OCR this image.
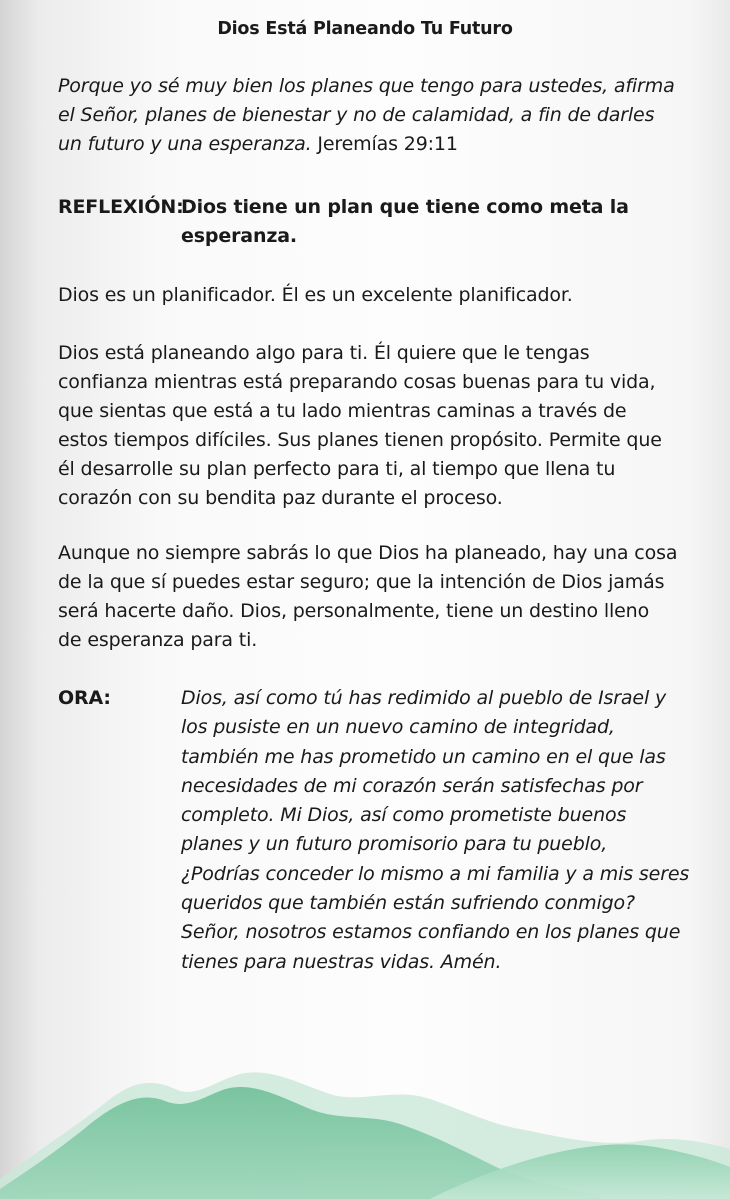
Dios Está Planeando Tu Futuro
Porque yo sé muy bien los planes que tengo para ustedes, afirma el Señor, planes de bienestar y no de calamidad, a fin de darles un futuro y una esperanza. Jeremías 29:11
REFLEXIÓN:
Dios tiene un plan que tiene como meta la esperanza.
Dios es un planificador. Él es un excelente planificador.
Dios está planeando algo para ti. Él quiere que le tengas confianza mientras está preparando cosas buenas para tu vida, que sientas que está a tu lado mientras caminas a través de estos tiempos difíciles. Sus planes tienen propósito. Permite que él desarrolle su plan perfecto para ti, al tiempo que llena tu corazón con su bendita paz durante el proceso.
Aunque no siempre sabrás lo que Dios ha planeado, hay una cosa de la que sí puedes estar seguro; que la intención de Dios jamás será hacerte daño. Dios, personalmente, tiene un destino lleno de esperanza para ti.
ORA:	Dios, así como tú has redimido al pueblo de Israel y los pusiste en un nuevo camino de integridad, también me has prometido un camino en el que las necesidades de mi corazón serán satisfechas por completo. Mi Dios, así como prometiste buenos planes y un futuro promisorio para tu pueblo, ¿Podrías conceder lo mismo a mi familia y a mis seres queridos que también están sufriendo conmigo? Señor, nosotros estamos confiando en los planes que tienes para nuestras vidas. Amén.
